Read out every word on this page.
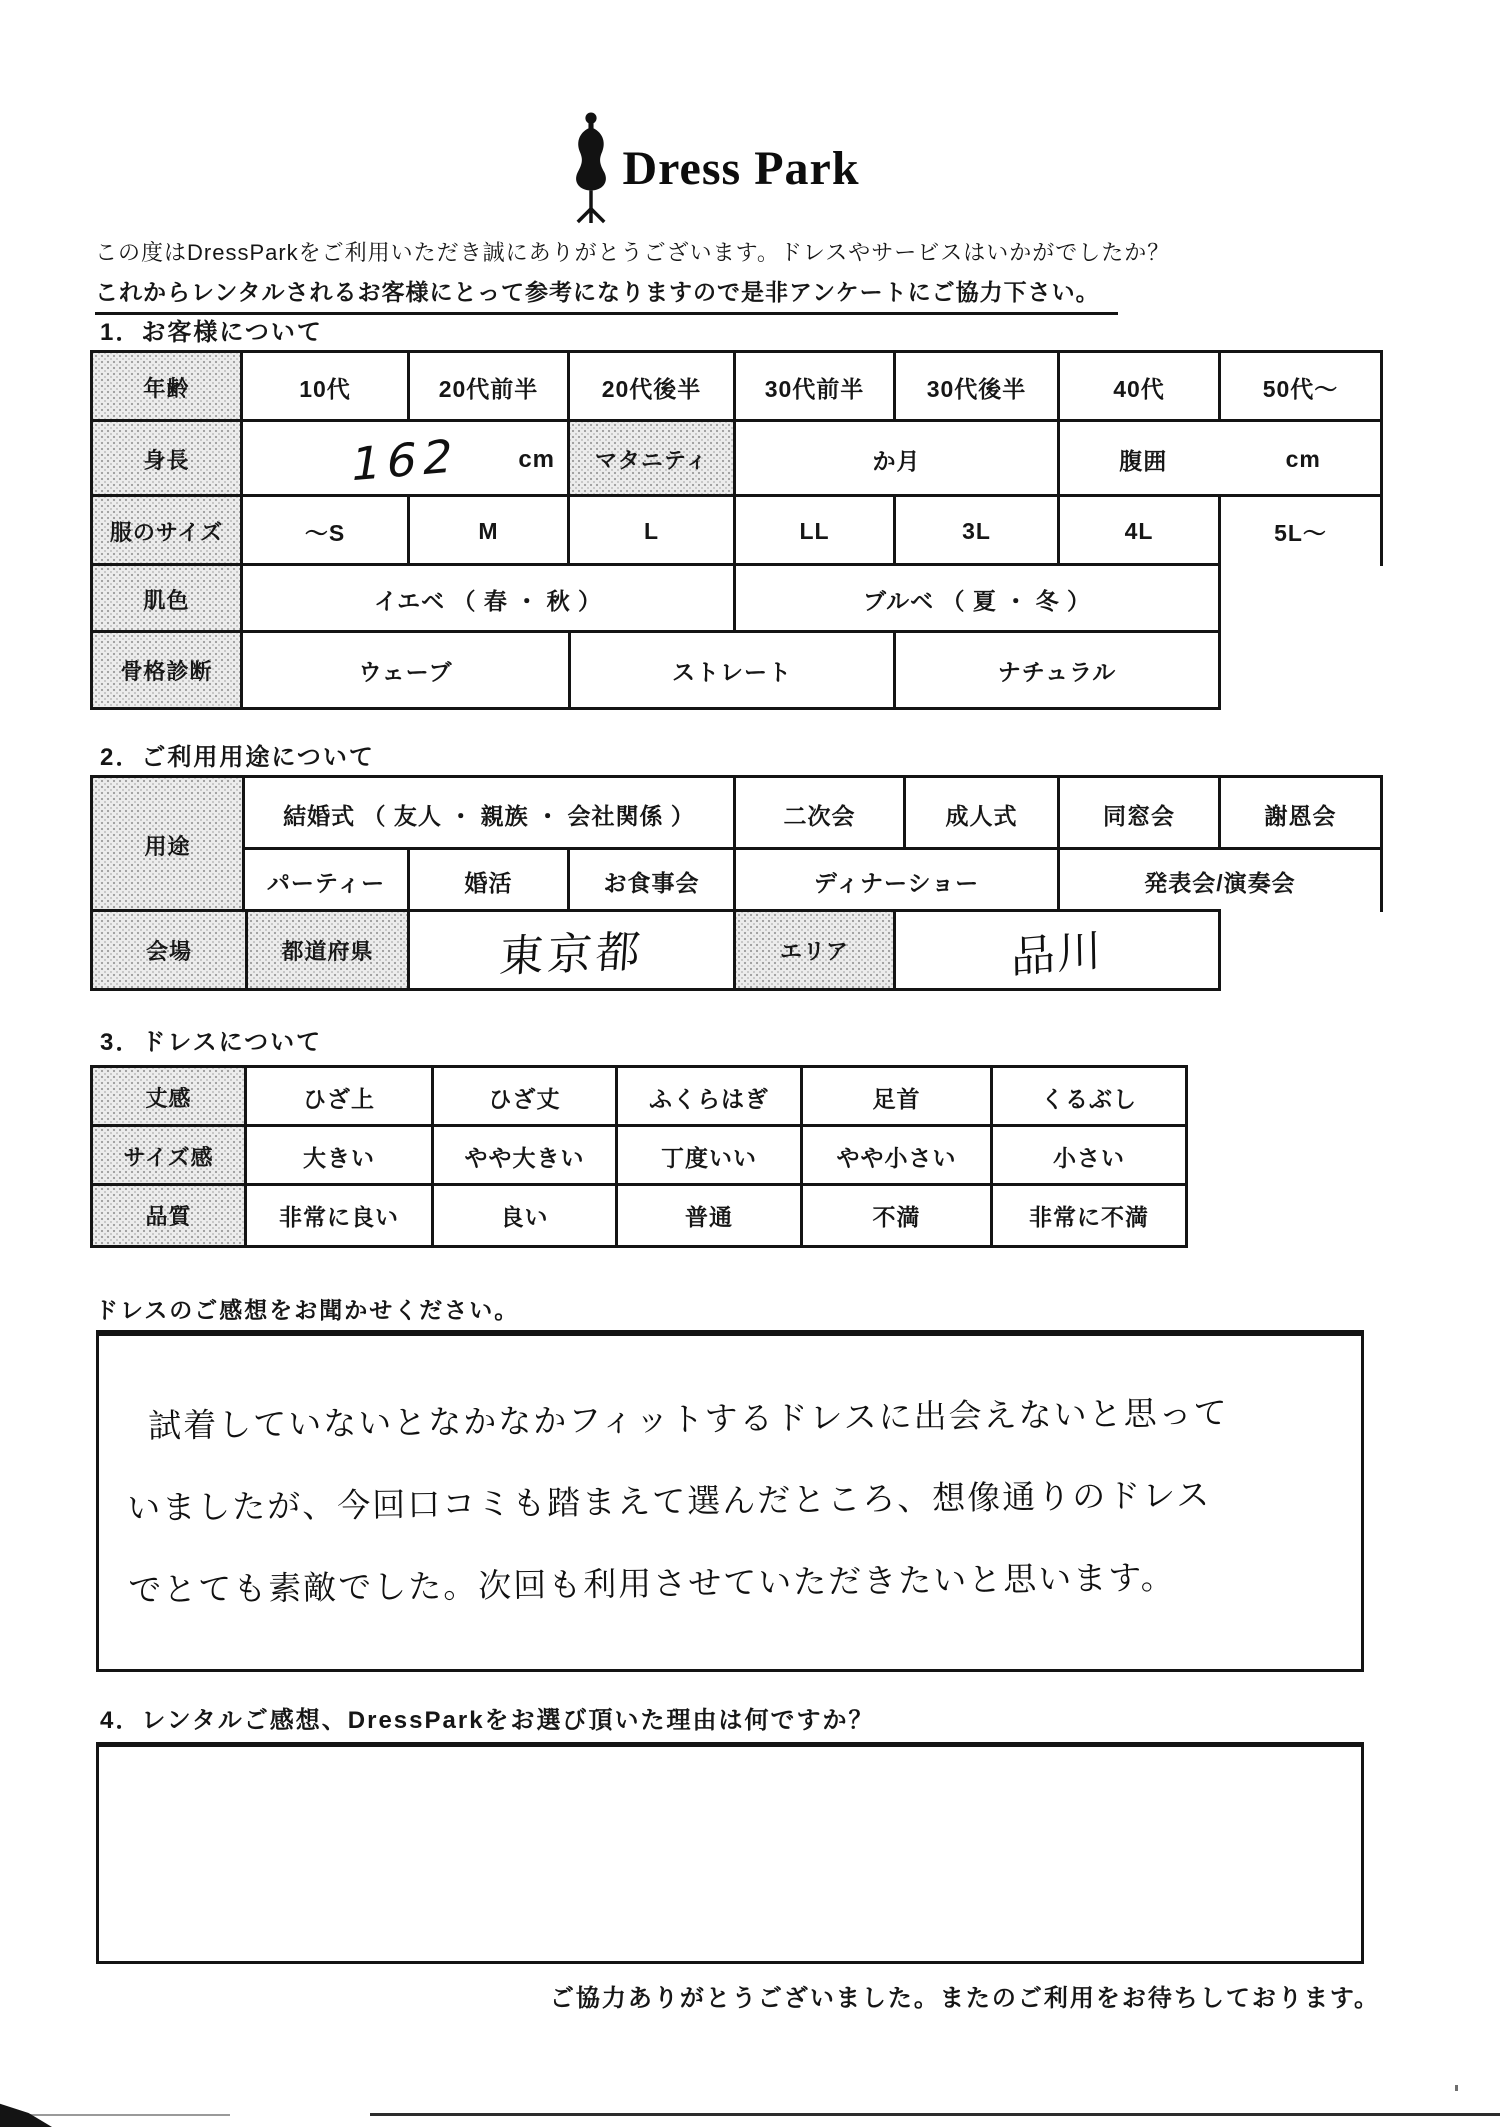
Dress Park
この度はDressParkをご利用いただき誠にありがとうございます。ドレスやサービスはいかがでしたか？
これからレンタルされるお客様にとって参考になりますので是非アンケートにご協力下さい。
1．お客様について
年齢	10代	20代前半	20代後半	30代前半	30代後半	40代	50代〜
身長	162 cm	マタニティ	か月	腹囲	cm
服のサイズ	〜S	M	L	LL	3L	4L	5L〜
肌色	イエベ （ 春 ・ 秋 ）	ブルベ （ 夏 ・ 冬 ）
骨格診断	ウェーブ	ストレート	ナチュラル
2．ご利用用途について
用途
結婚式 （ 友人 ・ 親族 ・ 会社関係 ）	二次会	成人式	同窓会	謝恩会
パーティー	婚活	お食事会	ディナーショー	発表会/演奏会
会場	都道府県	東京都	エリア	品川
3．ドレスについて
丈感	ひざ上	ひざ丈	ふくらはぎ	足首	くるぶし
サイズ感	大きい	やや大きい	丁度いい	やや小さい	小さい
品質	非常に良い	良い	普通	不満	非常に不満
ドレスのご感想をお聞かせください。
試着していないとなかなかフィットするドレスに出会えないと思って
いましたが、今回口コミも踏まえて選んだところ、想像通りのドレス
でとても素敵でした。次回も利用させていただきたいと思います。
4．レンタルご感想、DressParkをお選び頂いた理由は何ですか？
ご協力ありがとうございました。またのご利用をお待ちしております。
